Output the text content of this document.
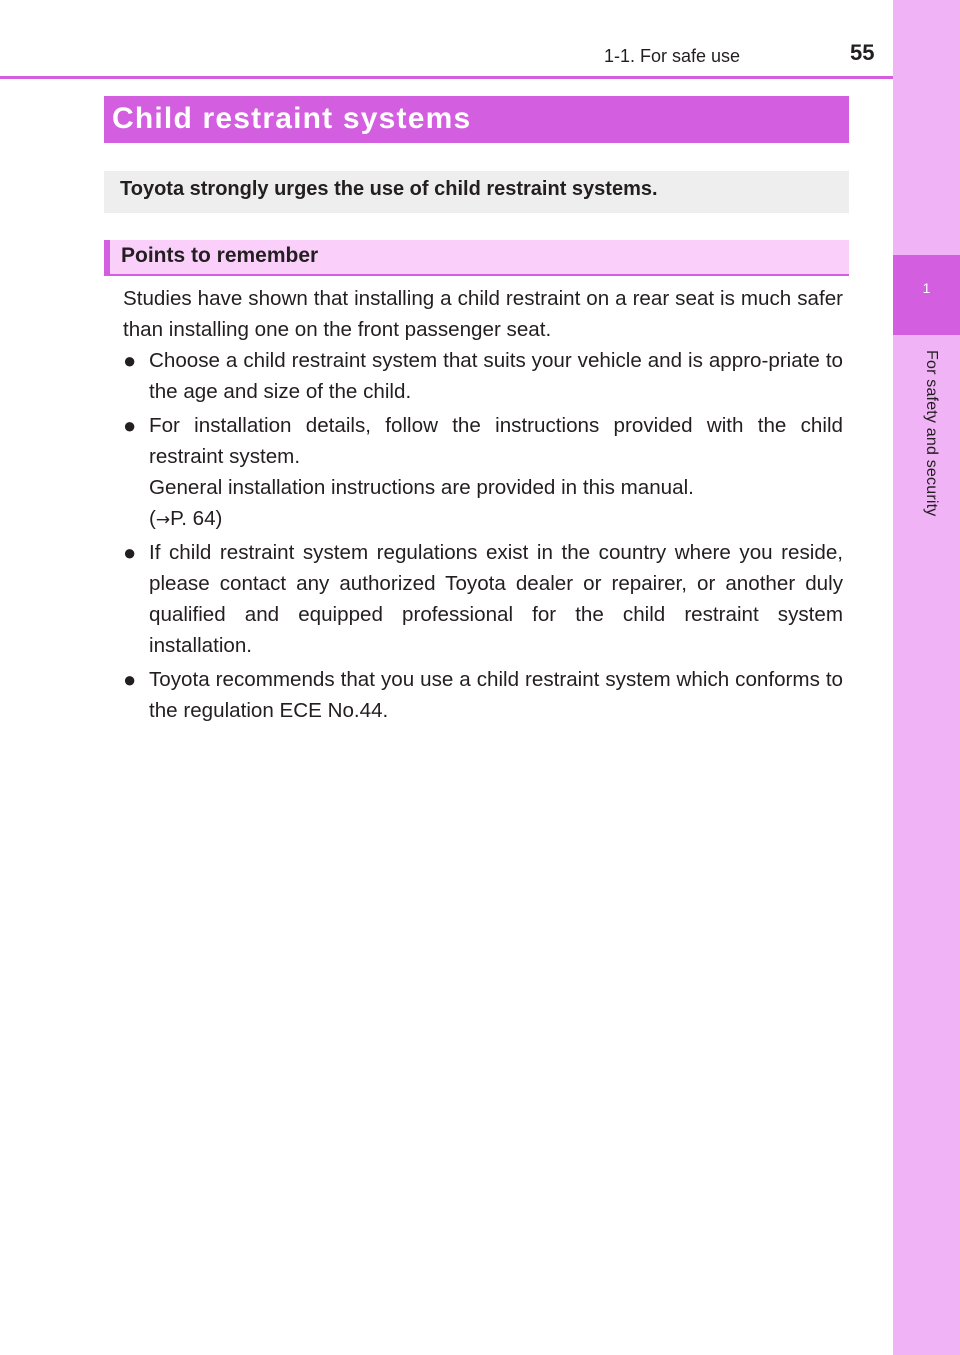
1
For safety and security
1-1. For safe use	55
Child restraint systems
Toyota strongly urges the use of child restraint systems.
Points to remember
Studies have shown that installing a child restraint on a rear seat is much safer than installing one on the front passenger seat.
● Choose a child restraint system that suits your vehicle and is appro-priate to the age and size of the child.
● For installation details, follow the instructions provided with the child restraint system.

General installation instructions are provided in this manual.

(→P. 64)

● If child restraint system regulations exist in the country where you reside, please contact any authorized Toyota dealer or repairer, or another duly qualified and equipped professional for the child restraint system installation.
● Toyota recommends that you use a child restraint system which conforms to the regulation ECE No.44.
